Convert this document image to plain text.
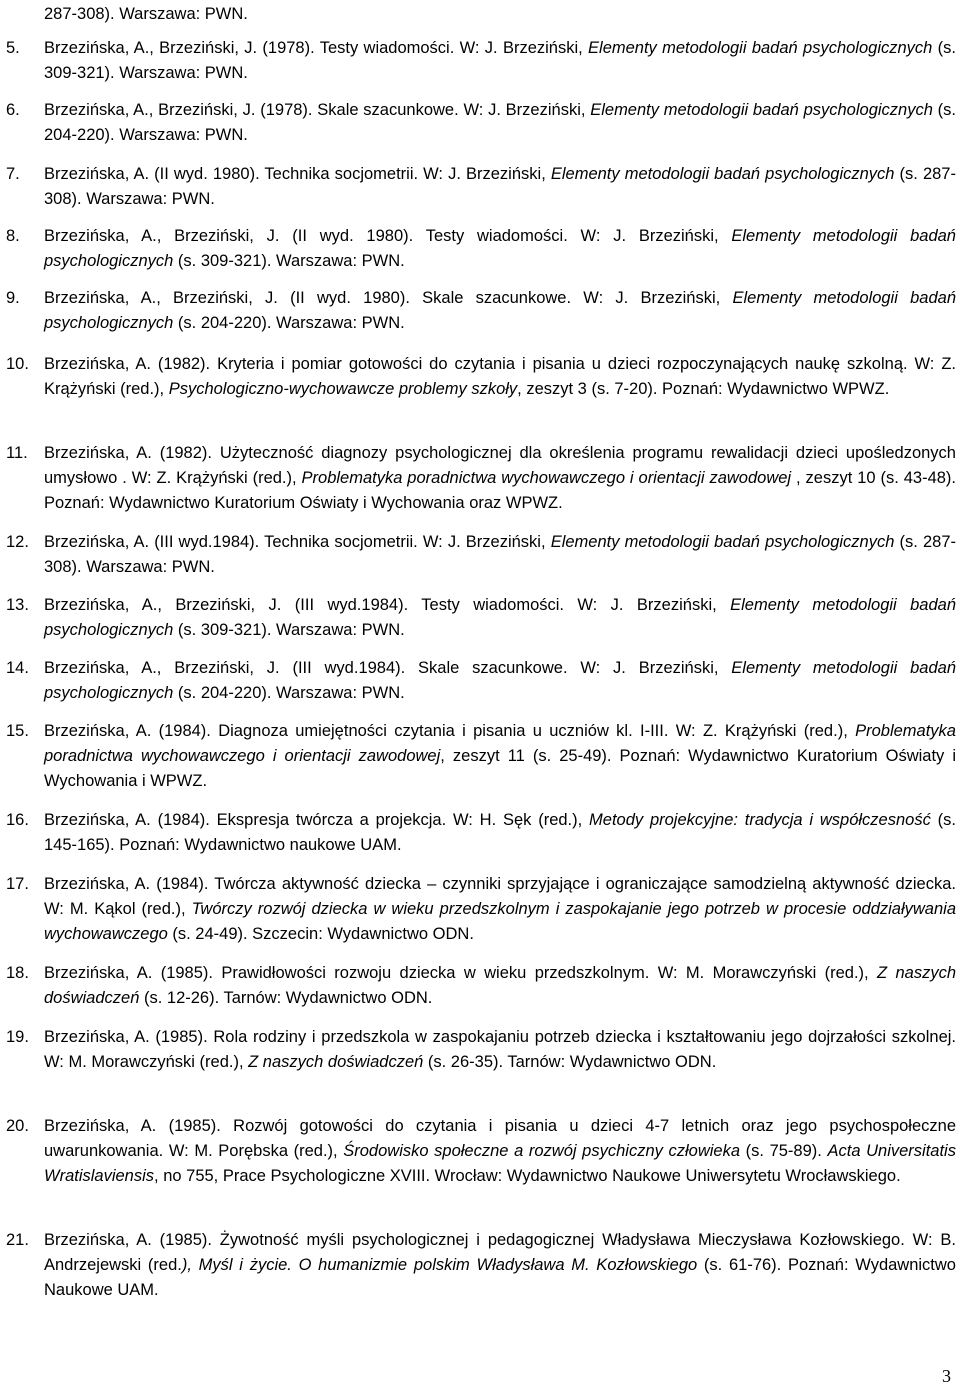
287-308). Warszawa: PWN.
5.	Brzezińska, A., Brzeziński, J. (1978). Testy wiadomości. W: J. Brzeziński, Elementy metodologii badań psychologicznych (s. 309-321). Warszawa: PWN.
6.	Brzezińska, A., Brzeziński, J. (1978). Skale szacunkowe. W: J. Brzeziński, Elementy metodologii badań psychologicznych (s. 204-220). Warszawa: PWN.
7.	Brzezińska, A. (II wyd. 1980). Technika socjometrii. W: J. Brzeziński, Elementy metodologii badań psychologicznych (s. 287-308). Warszawa: PWN.
8.	Brzezińska, A., Brzeziński, J. (II wyd. 1980). Testy wiadomości. W: J. Brzeziński, Elementy metodologii badań psychologicznych (s. 309-321). Warszawa: PWN.
9.	Brzezińska, A., Brzeziński, J. (II wyd. 1980). Skale szacunkowe. W: J. Brzeziński, Elementy metodologii badań psychologicznych (s. 204-220). Warszawa: PWN.
10. Brzezińska, A. (1982). Kryteria i pomiar gotowości do czytania i pisania u dzieci rozpoczynających naukę szkolną. W: Z. Krążyński (red.), Psychologiczno-wychowawcze problemy szkoły, zeszyt 3 (s. 7-20). Poznań: Wydawnictwo WPWZ.
11. Brzezińska, A. (1982). Użyteczność diagnozy psychologicznej dla określenia programu rewalidacji dzieci upośledzonych umysłowo . W: Z. Krążyński (red.), Problematyka poradnictwa wychowawczego i orientacji zawodowej , zeszyt 10 (s. 43-48). Poznań: Wydawnictwo Kuratorium Oświaty i Wychowania oraz WPWZ.
12. Brzezińska, A. (III wyd.1984). Technika socjometrii. W: J. Brzeziński, Elementy metodologii badań psychologicznych (s. 287-308). Warszawa: PWN.
13. Brzezińska, A., Brzeziński, J. (III wyd.1984). Testy wiadomości. W: J. Brzeziński, Elementy metodologii badań psychologicznych (s. 309-321). Warszawa: PWN.
14. Brzezińska, A., Brzeziński, J. (III wyd.1984). Skale szacunkowe. W: J. Brzeziński, Elementy metodologii badań psychologicznych (s. 204-220). Warszawa: PWN.
15. Brzezińska, A. (1984). Diagnoza umiejętności czytania i pisania u uczniów kl. I-III. W: Z. Krążyński (red.), Problematyka poradnictwa wychowawczego i orientacji zawodowej, zeszyt 11 (s. 25-49). Poznań: Wydawnictwo Kuratorium Oświaty i Wychowania i WPWZ.
16. Brzezińska, A. (1984). Ekspresja twórcza a projekcja. W: H. Sęk (red.), Metody projekcyjne: tradycja i współczesność (s. 145-165). Poznań: Wydawnictwo naukowe UAM.
17. Brzezińska, A. (1984). Twórcza aktywność dziecka – czynniki sprzyjające i ograniczające samodzielną aktywność dziecka. W: M. Kąkol (red.), Twórczy rozwój dziecka w wieku przedszkolnym i zaspokajanie jego potrzeb w procesie oddziaływania wychowawczego (s. 24-49). Szczecin: Wydawnictwo ODN.
18. Brzezińska, A. (1985). Prawidłowości rozwoju dziecka w wieku przedszkolnym. W: M. Morawczyński (red.), Z naszych doświadczeń (s. 12-26). Tarnów: Wydawnictwo ODN.
19. Brzezińska, A. (1985). Rola rodziny i przedszkola w zaspokajaniu potrzeb dziecka i kształtowaniu jego dojrzałości szkolnej. W: M. Morawczyński (red.), Z naszych doświadczeń (s. 26-35). Tarnów: Wydawnictwo ODN.
20. Brzezińska, A. (1985). Rozwój gotowości do czytania i pisania u dzieci 4-7 letnich oraz jego psychospołeczne uwarunkowania. W: M. Porębska (red.), Środowisko społeczne a rozwój psychiczny człowieka (s. 75-89). Acta Universitatis Wratislaviensis, no 755, Prace Psychologiczne XVIII. Wrocław: Wydawnictwo Naukowe Uniwersytetu Wrocławskiego.
21. Brzezińska, A. (1985). Żywotność myśli psychologicznej i pedagogicznej Władysława Mieczysława Kozłowskiego. W: B. Andrzejewski (red.), Myśl i życie. O humanizmie polskim Władysława M. Kozłowskiego (s. 61-76). Poznań: Wydawnictwo Naukowe UAM.
3
